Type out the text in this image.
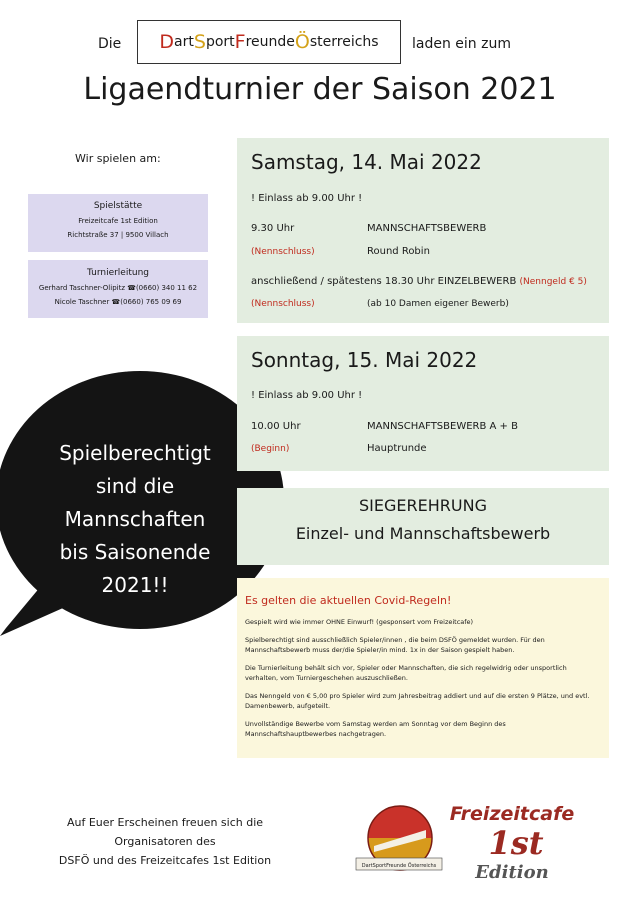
Die D art S port F reunde Ö sterreichs laden ein zum
Ligaendturnier der Saison 2021
Wir spielen am:
Spielstätte
Freizeitcafe 1st Edition
Richtstraße 37 | 9500 Villach
Turnierleitung
Gerhard Taschner-Olipitz ☎(0660) 340 11 62
Nicole Taschner ☎(0660) 765 09 69
Samstag, 14. Mai 2022
! Einlass ab 9.00 Uhr !
9.30 Uhr	MANNSCHAFTSBEWERB
(Nennschluss)	Round Robin
anschließend / spätestens 18.30 Uhr EINZELBEWERB (Nenngeld € 5)
(Nennschluss)	(ab 10 Damen eigener Bewerb)
Sonntag, 15. Mai 2022
! Einlass ab 9.00 Uhr !
10.00 Uhr	MANNSCHAFTSBEWERB A + B
(Beginn)	Hauptrunde
SIEGEREHRUNG
Einzel- und Mannschaftsbewerb
Spielberechtigt
sind die
Mannschaften
bis Saisonende
2021!!
Es gelten die aktuellen Covid-Regeln!

Gespielt wird wie immer OHNE Einwurf! (gesponsert vom Freizeitcafe)

Spielberechtigt sind ausschließlich Spieler/innen , die beim DSFÖ gemeldet wurden. Für den Mannschaftsbewerb muss der/die Spieler/in mind. 1x in der Saison gespielt haben.

Die Turnierleitung behält sich vor, Spieler oder Mannschaften, die sich regelwidrig oder unsportlich verhalten, vom Turniergeschehen auszuschließen.

Das Nenngeld von € 5,00 pro Spieler wird zum Jahresbeitrag addiert und auf die ersten 9 Plätze, und evtl. Damenbewerb, aufgeteilt.

Unvollständige Bewerbe vom Samstag werden am Sonntag vor dem Beginn des Mannschaftshauptbewerbes nachgetragen.

Auf Euer Erscheinen freuen sich die
Organisatoren des
DSFÖ und des Freizeitcafes 1st Edition	DartSportFreunde Österreichs
Freizeitcafe
1st
Edition
